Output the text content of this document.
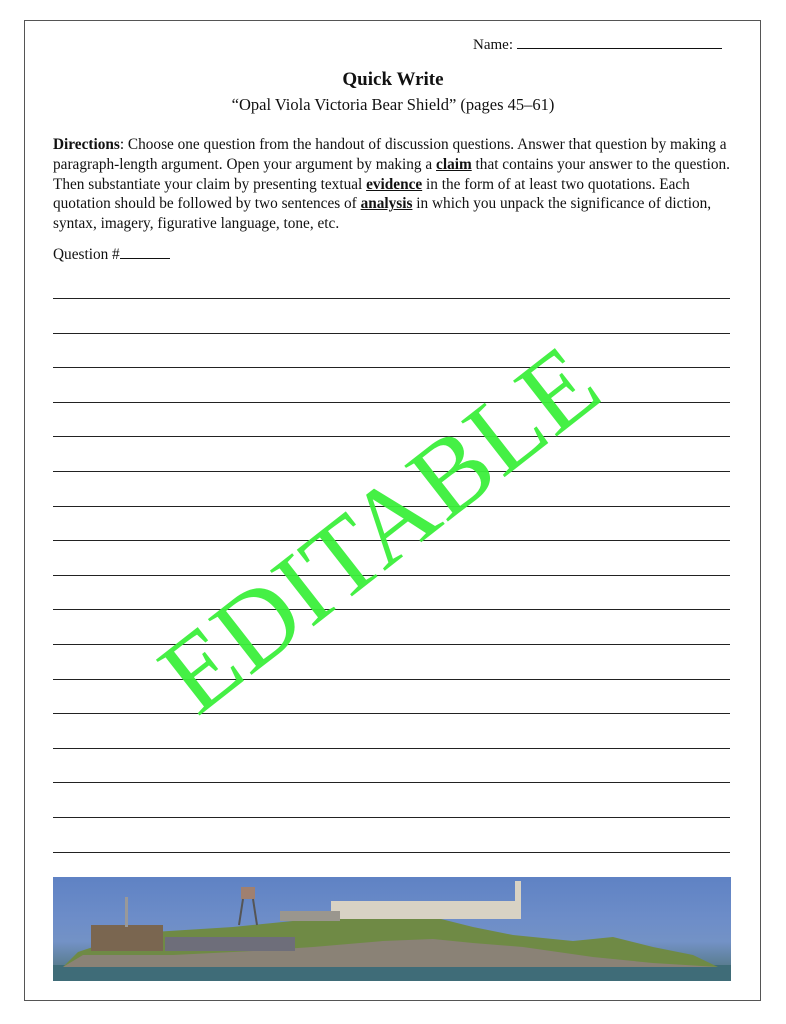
Name:
Quick Write
“Opal Viola Victoria Bear Shield” (pages 45–61)
Directions: Choose one question from the handout of discussion questions. Answer that question by making a paragraph-length argument. Open your argument by making a claim that contains your answer to the question. Then substantiate your claim by presenting textual evidence in the form of at least two quotations. Each quotation should be followed by two sentences of analysis in which you unpack the significance of diction, syntax, imagery, figurative language, tone, etc.
Question #
EDITABLE
